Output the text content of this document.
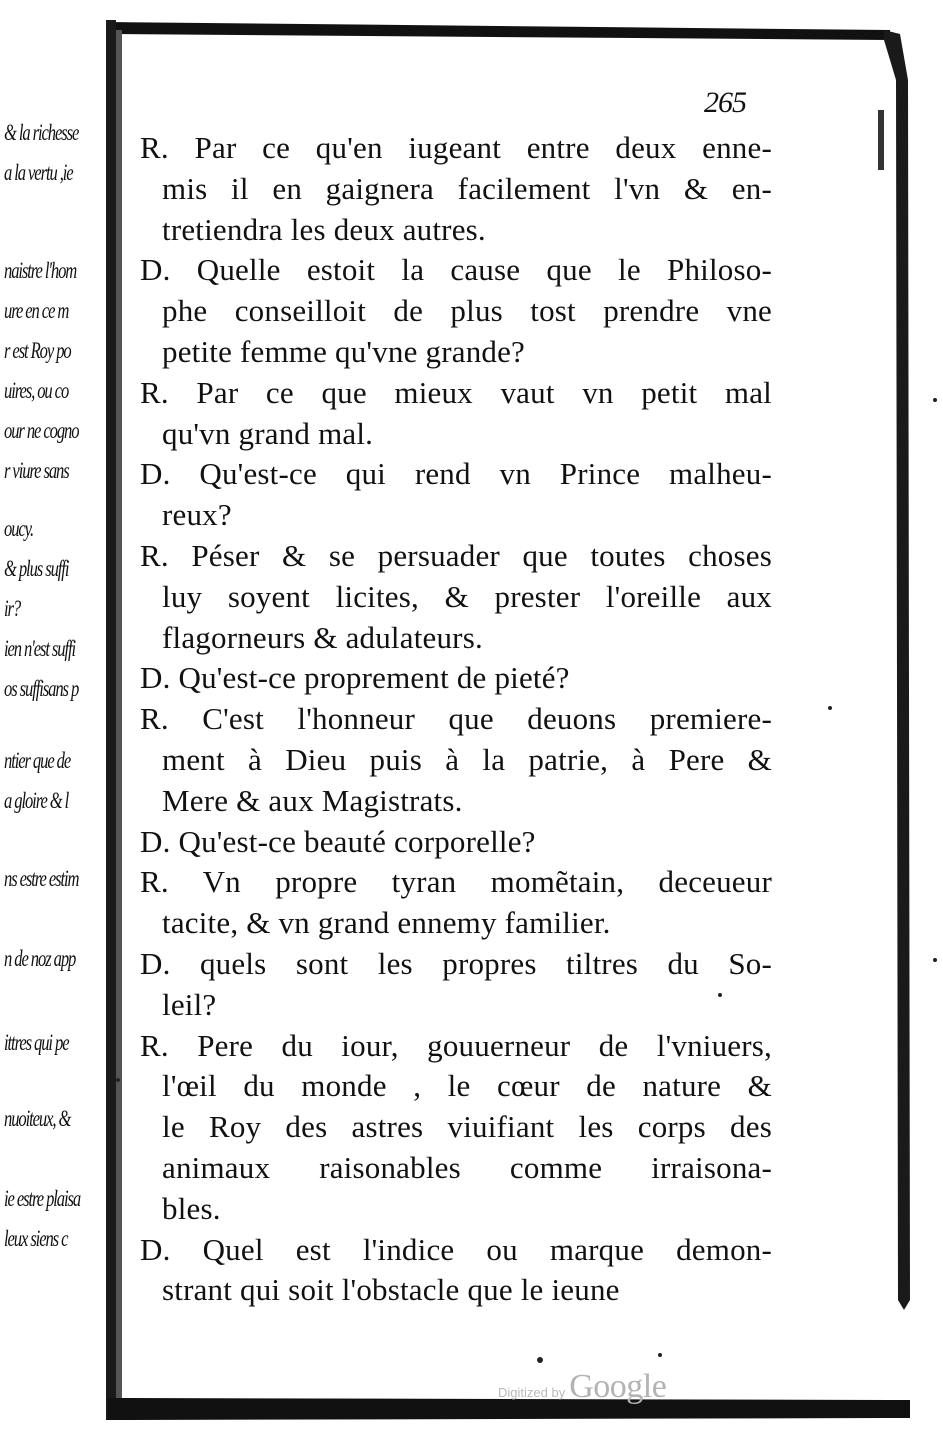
& la richesse
a la vertu ,ie
naistre l'hom
ure en ce m
r est Roy po
uires, ou co
our ne cogno
r viure sans
oucy.
& plus suffi
ir?
ien n'est suffi
os suffisans p
ntier que de
a gloire & l
ns estre estim
n de noz app
ittres qui pe
nuoiteux, &
ie estre plaisa
leux siens c
265
R. Par ce qu'en iugeant entre deux enne-
mis il en gaignera facilement l'vn & en-
tretiendra les deux autres.
D. Quelle estoit la cause que le Philoso-
phe conseilloit de plus tost prendre vne
petite femme qu'vne grande?
R. Par ce que mieux vaut vn petit mal
qu'vn grand mal.
D. Qu'est-ce qui rend vn Prince malheu-
reux?
R. Péser & se persuader que toutes choses
luy soyent licites, & prester l'oreille aux
flagorneurs & adulateurs.
D. Qu'est-ce proprement de pieté?
R. C'est l'honneur que deuons premiere-
ment à Dieu puis à la patrie, à Pere &
Mere & aux Magistrats.
D. Qu'est-ce beauté corporelle?
R. Vn propre tyran momẽtain, deceueur
tacite, & vn grand ennemy familier.
D. quels sont les propres tiltres du So-
leil?
R. Pere du iour, gouuerneur de l'vniuers,
l'œil du monde , le cœur de nature &
le Roy des astres viuifiant les corps des
animaux raisonables comme irraisona-
bles.
D. Quel est l'indice ou marque demon-
strant qui soit l'obstacle que le ieune
Digitized by Google
